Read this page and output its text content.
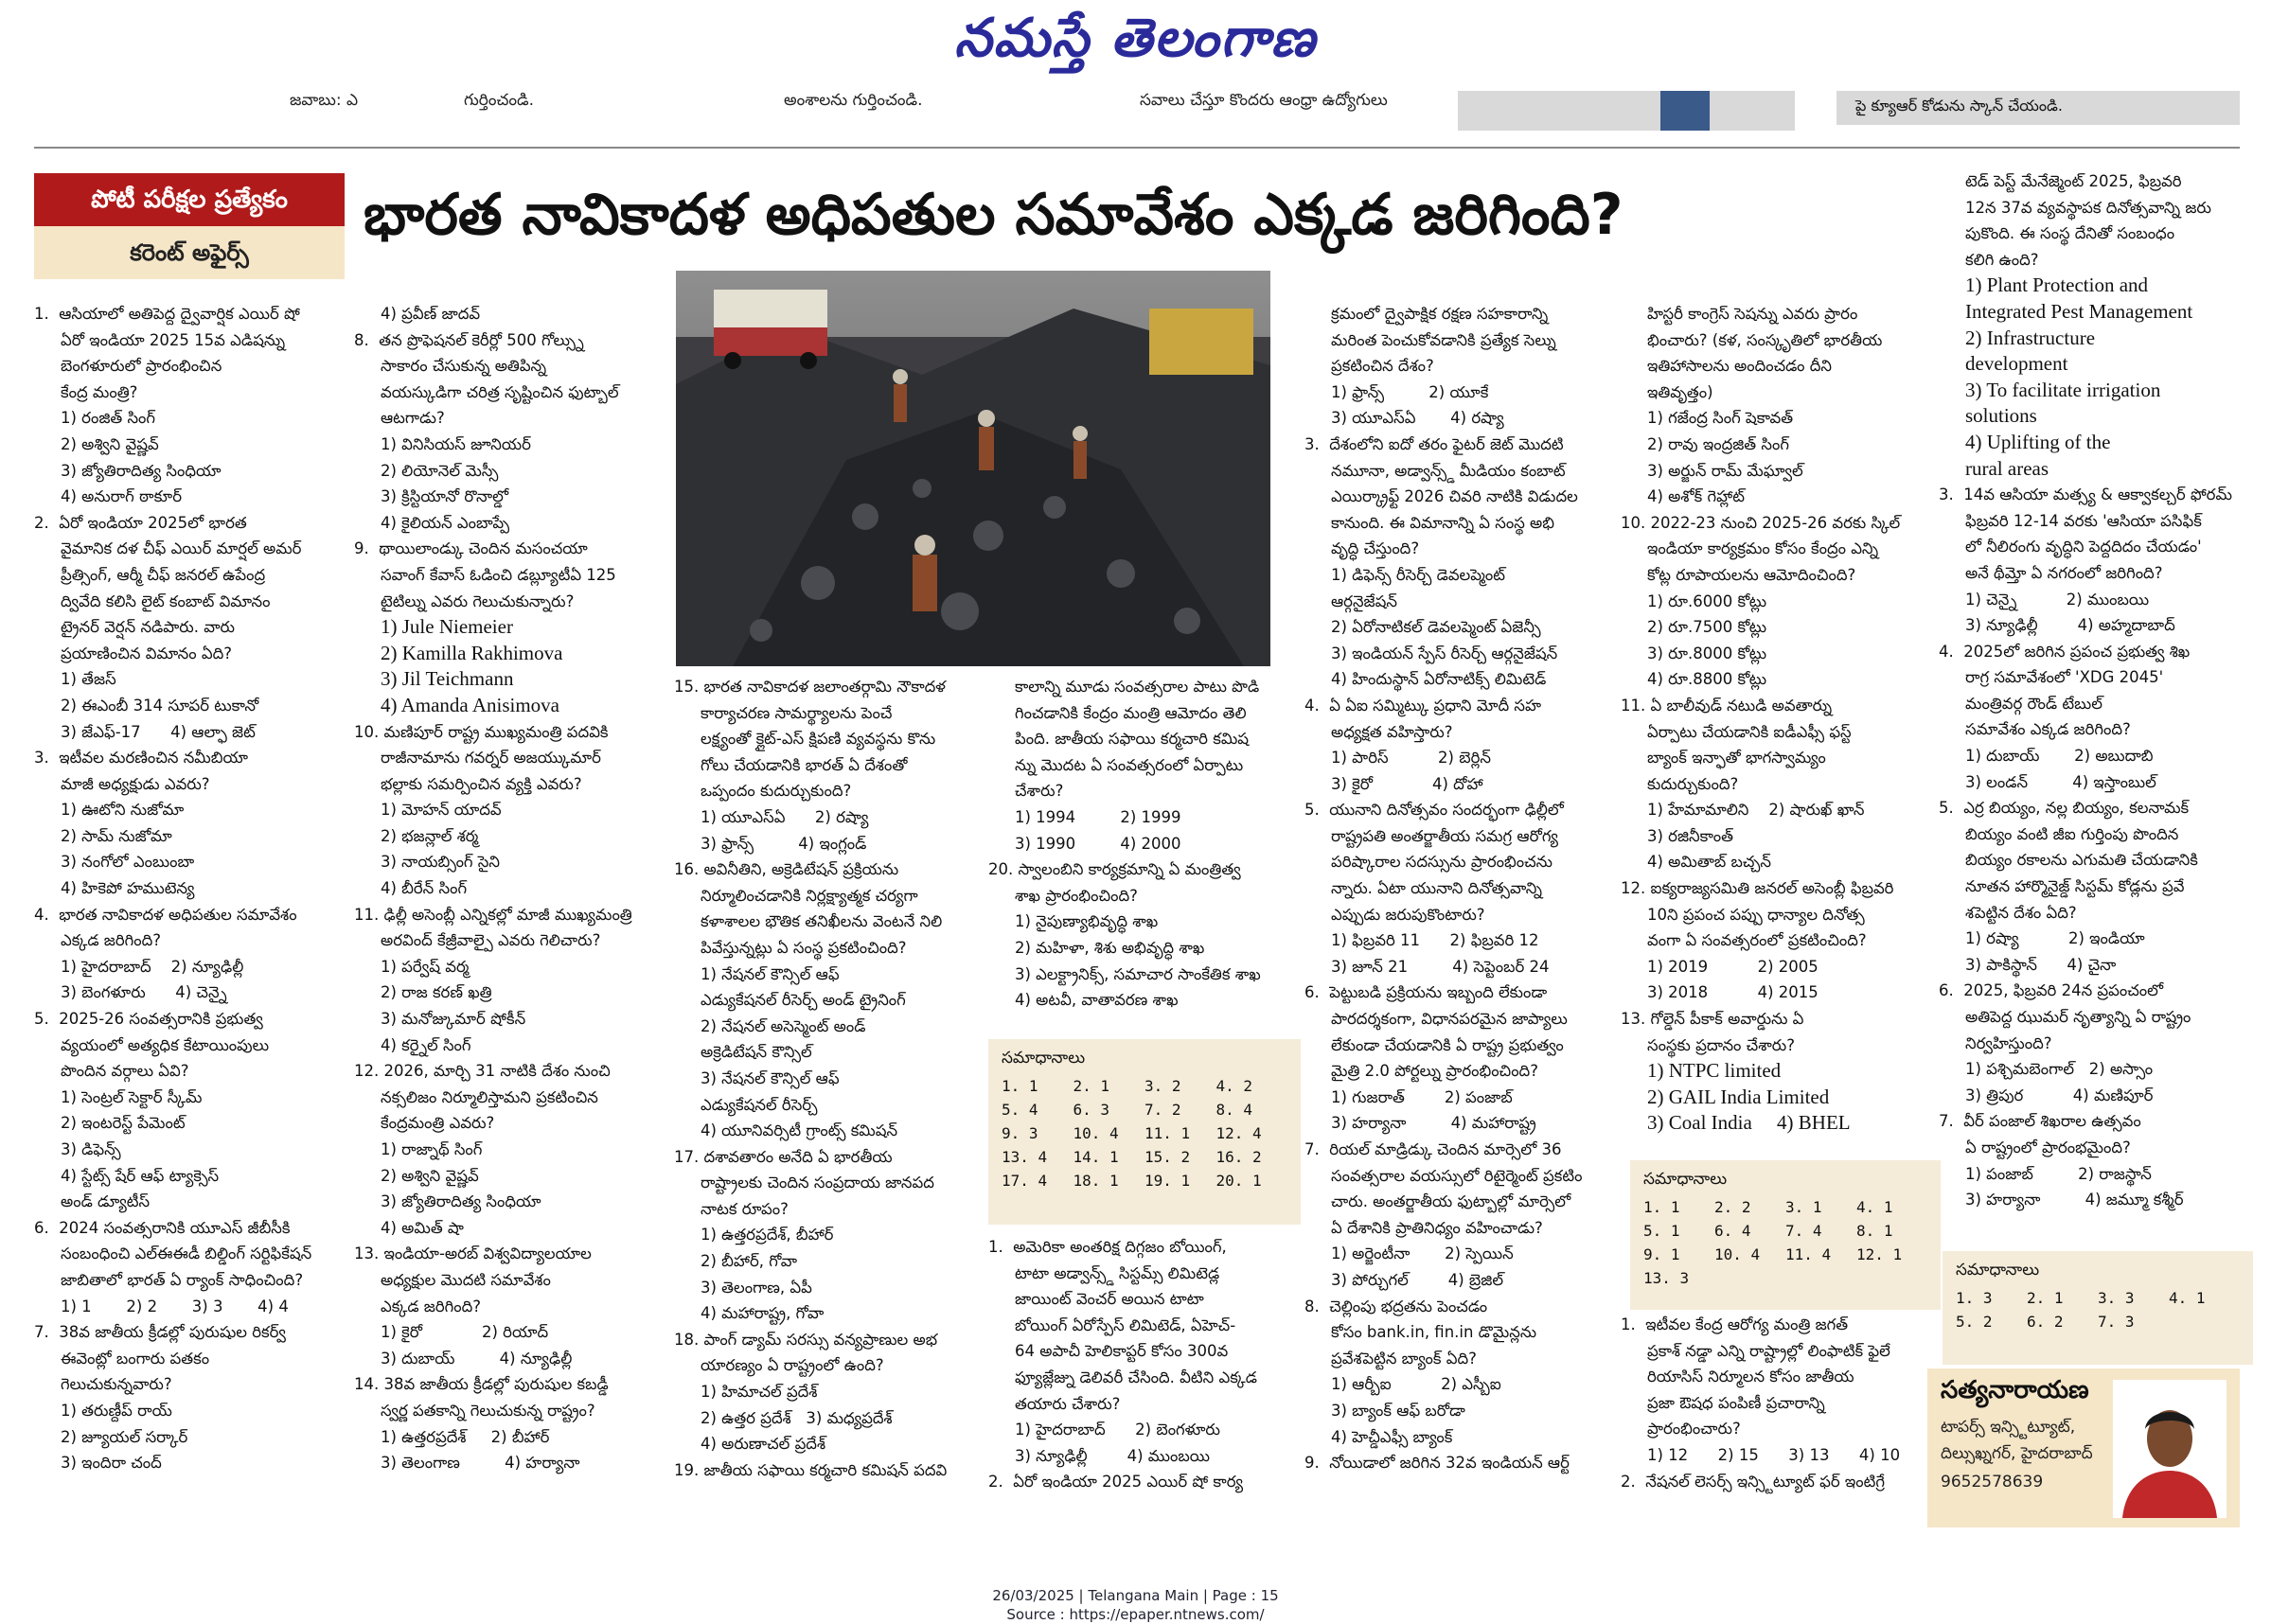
నమస్తే తెలంగాణ
జవాబు: ఎ	గుర్తించండి.	అంశాలను గుర్తించండి.	సవాలు చేస్తూ కొందరు ఆంధ్రా ఉద్యోగులు	పై క్యూఆర్ కోడును స్కాన్ చేయండి.
పోటీ పరీక్షల ప్రత్యేకం
కరెంట్ అఫైర్స్
భారత నావికాదళ అధిపతుల సమావేశం ఎక్కడ జరిగింది?

1.  ఆసియాలో అతిపెద్ద ద్వైవార్షిక ఎయిర్ షో

ఏరో ఇండియా 2025 15వ ఎడిషన్ను

బెంగళూరులో ప్రారంభించిన

కేంద్ర మంత్రి?

1) రంజిత్ సింగ్

2) అశ్విని వైష్ణవ్

3) జ్యోతిరాదిత్య సింధియా

4) అనురాగ్ ఠాకూర్

2.  ఏరో ఇండియా 2025లో భారత

వైమానిక దళ చీఫ్ ఎయిర్ మార్షల్ అమర్

ప్రీత్సింగ్, ఆర్మీ చీఫ్ జనరల్ ఉపేంద్ర

ద్వివేది కలిసి లైట్ కంబాట్ విమానం

ట్రైనర్ వెర్షన్ నడిపారు. వారు

ప్రయాణించిన విమానం ఏది?

1) తేజస్

2) ఈఎంబీ 314 సూపర్ టుకానో

3) జేఎఫ్-17      4) ఆల్ఫా జెట్

3.  ఇటీవల మరణించిన నమీబియా

మాజీ అధ్యక్షుడు ఎవరు?

1) ఊటోని నుజోమా

2) సామ్ నుజోమా

3) నంగోలో ఎంబుంబా

4) హికెపో హముటెన్య

4.  భారత నావికాదళ అధిపతుల సమావేశం

ఎక్కడ జరిగింది?

1) హైదరాబాద్    2) న్యూఢిల్లీ

3) బెంగళూరు      4) చెన్నై

5.  2025-26 సంవత్సరానికి ప్రభుత్వ

వ్యయంలో అత్యధిక కేటాయింపులు

పొందిన వర్గాలు ఏవి?

1) సెంట్రల్ సెక్టార్ స్కీమ్

2) ఇంటరెస్ట్ పేమెంట్

3) డిఫెన్స్

4) స్టేట్స్ షేర్ ఆఫ్ ట్యాక్సెస్

అండ్ డ్యూటీస్

6.  2024 సంవత్సరానికి యూఎస్ జీబీసీకి

సంబంధించి ఎల్ఈఈడీ బిల్డింగ్ సర్టిఫికేషన్

జాబితాలో భారత్ ఏ ర్యాంక్ సాధించింది?

1) 1       2) 2       3) 3       4) 4

7.  38వ జాతీయ క్రీడల్లో పురుషుల రికర్వ్

ఈవెంట్లో బంగారు పతకం

గెలుచుకున్నవారు?

1) తరుణ్దీప్ రాయ్

2) జ్యూయల్ సర్కార్

3) ఇందిరా చంద్

4) ప్రవీణ్ జాదవ్

8.  తన ప్రొఫెషనల్ కెరీర్లో 500 గోల్స్ను

సాకారం చేసుకున్న అతిపిన్న

వయస్కుడిగా చరిత్ర సృష్టించిన ఫుట్బాల్

ఆటగాడు?

1) వినిసియస్ జూనియర్

2) లియోనెల్ మెస్సీ

3) క్రిస్టియానో రొనాల్డో

4) కైలియన్ ఎంబాప్పే

9.  థాయిలాండ్కు చెందిన మసంచయా

సవాంగ్ కేవాస్ ఓడించి డబ్ల్యూటీఏ 125

టైటిల్ను ఎవరు గెలుచుకున్నారు?

1) Jule Niemeier

2) Kamilla Rakhimova

3) Jil Teichmann

4) Amanda Anisimova

10. మణిపూర్ రాష్ట్ర ముఖ్యమంత్రి పదవికి

రాజీనామాను గవర్నర్ అజయ్కుమార్

భల్లాకు సమర్పించిన వ్యక్తి ఎవరు?

1) మోహన్ యాదవ్

2) భజన్లాల్ శర్మ

3) నాయబ్సింగ్ సైని

4) బీరేన్ సింగ్

11. ఢిల్లీ అసెంబ్లీ ఎన్నికల్లో మాజీ ముఖ్యమంత్రి

అరవింద్ కేజ్రీవాల్పై ఎవరు గెలిచారు?

1) పర్వేష్ వర్మ

2) రాజ కరణ్ ఖత్రి

3) మనోజ్కుమార్ షోకీన్

4) కర్నైల్ సింగ్

12. 2026, మార్చి 31 నాటికి దేశం నుంచి

నక్సలిజం నిర్మూలిస్తామని ప్రకటించిన

కేంద్రమంత్రి ఎవరు?

1) రాజ్నాథ్ సింగ్

2) అశ్విని వైష్ణవ్

3) జ్యోతిరాదిత్య సింధియా

4) అమిత్ షా

13. ఇండియా-అరబ్ విశ్వవిద్యాలయాల

అధ్యక్షుల మొదటి సమావేశం

ఎక్కడ జరిగింది?

1) కైరో            2) రియాద్

3) దుబాయ్         4) న్యూఢిల్లీ

14. 38వ జాతీయ క్రీడల్లో పురుషుల కబడ్డీ

స్వర్ణ పతకాన్ని గెలుచుకున్న రాష్ట్రం?

1) ఉత్తరప్రదేశ్     2) బీహార్

3) తెలంగాణ         4) హర్యానా

15. భారత నావికాదళ జలాంతర్గామి నౌకాదళ

కార్యాచరణ సామర్థ్యాలను పెంచే

లక్ష్యంతో క్లైట్-ఎస్ క్షిపణి వ్యవస్థను కొను

గోలు చేయడానికి భారత్ ఏ దేశంతో

ఒప్పందం కుదుర్చుకుంది?

1) యూఎస్ఏ      2) రష్యా

3) ఫ్రాన్స్         4) ఇంగ్లండ్

16. అవినీతిని, అక్రెడిటేషన్ ప్రక్రియను

నిర్మూలించడానికి నిర్లక్ష్యాత్మక చర్యగా

కళాశాలల భౌతిక తనిఖీలను వెంటనే నిలి

పివేస్తున్నట్లు ఏ సంస్థ ప్రకటించింది?

1) నేషనల్ కౌన్సిల్ ఆఫ్

ఎడ్యుకేషనల్ రీసెర్చ్ అండ్ ట్రైనింగ్

2) నేషనల్ అసెస్మెంట్ అండ్

అక్రెడిటేషన్ కౌన్సిల్

3) నేషనల్ కౌన్సిల్ ఆఫ్

ఎడ్యుకేషనల్ రీసెర్చ్

4) యూనివర్సిటీ గ్రాంట్స్ కమిషన్

17. దశావతారం అనేది ఏ భారతీయ

రాష్ట్రాలకు చెందిన సంప్రదాయ జానపద

నాటక రూపం?

1) ఉత్తరప్రదేశ్, బీహార్

2) బీహార్, గోవా

3) తెలంగాణ, ఏపీ

4) మహారాష్ట్ర, గోవా

18. పాంగ్ డ్యామ్ సరస్సు వన్యప్రాణుల అభ

యారణ్యం ఏ రాష్ట్రంలో ఉంది?

1) హిమాచల్ ప్రదేశ్

2) ఉత్తర ప్రదేశ్   3) మధ్యప్రదేశ్

4) అరుణాచల్ ప్రదేశ్

19. జాతీయ సఫాయి కర్మచారి కమిషన్ పదవి

కాలాన్ని మూడు సంవత్సరాల పాటు పొడి

గించడానికి కేంద్రం మంత్రి ఆమోదం తెలి

పింది. జాతీయ సఫాయి కర్మచారి కమిష

న్ను మొదట ఏ సంవత్సరంలో ఏర్పాటు

చేశారు?

1) 1994         2) 1999

3) 1990         4) 2000

20. స్వాలంబిని కార్యక్రమాన్ని ఏ మంత్రిత్వ

శాఖ ప్రారంభించింది?

1) నైపుణ్యాభివృద్ధి శాఖ

2) మహిళా, శిశు అభివృద్ధి శాఖ

3) ఎలక్ట్రానిక్స్, సమాచార సాంకేతిక శాఖ

4) అటవీ, వాతావరణ శాఖ

సమాధానాలు
1. 1	2. 1	3. 2	4. 2
5. 4	6. 3	7. 2	8. 4
9. 3	10. 4	11. 1	12. 4
13. 4	14. 1	15. 2	16. 2
17. 4	18. 1	19. 1	20. 1

1.  అమెరికా అంతరిక్ష దిగ్గజం బోయింగ్,

టాటా అడ్వాన్స్డ్ సిస్టమ్స్ లిమిటెడ్ల

జాయింట్ వెంచర్ అయిన టాటా

బోయింగ్ ఏరోస్పేస్ లిమిటెడ్, ఏహెచ్-

64 అపాచీ హెలికాప్టర్ కోసం 300వ

ఫ్యూజ్లేజ్ను డెలివరీ చేసింది. వీటిని ఎక్కడ

తయారు చేశారు?

1) హైదరాబాద్      2) బెంగళూరు

3) న్యూఢిల్లీ        4) ముంబయి

2.  ఏరో ఇండియా 2025 ఎయిర్ షో కార్య

క్రమంలో ద్వైపాక్షిక రక్షణ సహకారాన్ని

మరింత పెంచుకోవడానికి ప్రత్యేక సెల్ను

ప్రకటించిన దేశం?

1) ఫ్రాన్స్         2) యూకే

3) యూఎస్ఏ       4) రష్యా

3.  దేశంలోని ఐదో తరం ఫైటర్ జెట్ మొదటి

నమూనా, అడ్వాన్స్డ్ మీడియం కంబాట్

ఎయిర్క్రాఫ్ట్ 2026 చివరి నాటికి విడుదల

కానుంది. ఈ విమానాన్ని ఏ సంస్థ అభి

వృద్ధి చేస్తుంది?

1) డిఫెన్స్ రీసెర్చ్ డెవలప్మెంట్

ఆర్గనైజేషన్

2) ఏరోనాటికల్ డెవలప్మెంట్ ఏజెన్సీ

3) ఇండియన్ స్పేస్ రీసెర్చ్ ఆర్గనైజేషన్

4) హిందుస్థాన్ ఏరోనాటిక్స్ లిమిటెడ్

4.  ఏ ఏఐ సమ్మిట్కు ప్రధాని మోదీ సహ

అధ్యక్షత వహిస్తారు?

1) పారిస్          2) బెర్లిన్

3) కైరో            4) దోహా

5.  యునాని దినోత్సవం సందర్భంగా ఢిల్లీలో

రాష్ట్రపతి అంతర్జాతీయ సమగ్ర ఆరోగ్య

పరిష్కారాల సదస్సును ప్రారంభించను

న్నారు. ఏటా యునాని దినోత్సవాన్ని

ఎప్పుడు జరుపుకొంటారు?

1) ఫిబ్రవరి 11      2) ఫిబ్రవరి 12

3) జూన్ 21         4) సెప్టెంబర్ 24

6.  పెట్టుబడి ప్రక్రియను ఇబ్బంది లేకుండా

పారదర్శకంగా, విధానపరమైన జాప్యాలు

లేకుండా చేయడానికి ఏ రాష్ట్ర ప్రభుత్వం

మైత్రి 2.0 పోర్టల్ను ప్రారంభించింది?

1) గుజరాత్        2) పంజాబ్

3) హర్యానా         4) మహారాష్ట్ర

7.  రియల్ మాడ్రిడ్కు చెందిన మార్సెలో 36

సంవత్సరాల వయస్సులో రిటైర్మెంట్ ప్రకటిం

చారు. అంతర్జాతీయ ఫుట్బాల్లో మార్సెలో

ఏ దేశానికి ప్రాతినిధ్యం వహించాడు?

1) అర్జెంటీనా       2) స్పెయిన్

3) పోర్చుగల్        4) బ్రెజిల్

8.  చెల్లింపు భద్రతను పెంచడం

కోసం bank.in, fin.in డొమైన్లను

ప్రవేశపెట్టిన బ్యాంక్ ఏది?

1) ఆర్బీఐ          2) ఎస్బీఐ

3) బ్యాంక్ ఆఫ్ బరోడా

4) హెచ్డీఎఫ్సీ బ్యాంక్

9.  నోయిడాలో జరిగిన 32వ ఇండియన్ ఆర్ట్

హిస్టరీ కాంగ్రెస్ సెషన్ను ఎవరు ప్రారం

భించారు? (కళ, సంస్కృతిలో భారతీయ

ఇతిహాసాలను అందించడం దీని

ఇతివృత్తం)

1) గజేంద్ర సింగ్ షెకావత్

2) రావు ఇంద్రజిత్ సింగ్

3) అర్జున్ రామ్ మేఘ్వాల్

4) అశోక్ గెహ్లాట్

10. 2022-23 నుంచి 2025-26 వరకు స్కిల్

ఇండియా కార్యక్రమం కోసం కేంద్రం ఎన్ని

కోట్ల రూపాయలను ఆమోదించింది?

1) రూ.6000 కోట్లు

2) రూ.7500 కోట్లు

3) రూ.8000 కోట్లు

4) రూ.8800 కోట్లు

11. ఏ బాలీవుడ్ నటుడి అవతార్ను

ఏర్పాటు చేయడానికి ఐడీఎఫ్సీ ఫస్ట్

బ్యాంక్ ఇన్ఫాతో భాగస్వామ్యం

కుదుర్చుకుంది?

1) హేమామాలిని    2) షారుఖ్ ఖాన్

3) రజినీకాంత్

4) అమితాబ్ బచ్చన్

12. ఐక్యరాజ్యసమితి జనరల్ అసెంబ్లీ ఫిబ్రవరి

10ని ప్రపంచ పప్పు ధాన్యాల దినోత్స

వంగా ఏ సంవత్సరంలో ప్రకటించింది?

1) 2019          2) 2005

3) 2018          4) 2015

13. గోల్డెన్ పీకాక్ అవార్డును ఏ

సంస్థకు ప్రదానం చేశారు?

1) NTPC limited

2) GAIL India Limited

3) Coal India     4) BHEL

సమాధానాలు
1. 1	2. 2	3. 1	4. 1
5. 1	6. 4	7. 4	8. 1
9. 1	10. 4	11. 4	12. 1
13. 3

1.  ఇటీవల కేంద్ర ఆరోగ్య మంత్రి జగత్

ప్రకాశ్ నడ్డా ఎన్ని రాష్ట్రాల్లో లింఫాటిక్ ఫైలే

రియాసిస్ నిర్మూలన కోసం జాతీయ

ప్రజా ఔషధ పంపిణీ ప్రచారాన్ని

ప్రారంభించారు?

1) 12      2) 15      3) 13      4) 10

2.  నేషనల్ లెసర్స్ ఇన్స్టిట్యూట్ ఫర్ ఇంటిగ్రే

టెడ్ పెస్ట్ మేనేజ్మెంట్ 2025, ఫిబ్రవరి

12న 37వ వ్యవస్థాపక దినోత్సవాన్ని జరు

పుకొంది. ఈ సంస్థ దేనితో సంబంధం

కలిగి ఉంది?

1) Plant Protection and

Integrated Pest Management

2) Infrastructure

development

3) To facilitate irrigation

solutions

4) Uplifting of the

rural areas

3.  14వ ఆసియా మత్స్య & ఆక్వాకల్చర్ ఫోరమ్

ఫిబ్రవరి 12-14 వరకు 'ఆసియా పసిఫిక్

లో నీలిరంగు వృద్ధిని పెద్దదిదం చేయడం'

అనే థీమ్తో ఏ నగరంలో జరిగింది?

1) చెన్నై          2) ముంబయి

3) న్యూఢిల్లీ        4) అహ్మదాబాద్

4.  2025లో జరిగిన ప్రపంచ ప్రభుత్వ శిఖ

రాగ్ర సమావేశంలో 'XDG 2045'

మంత్రివర్గ రౌండ్ టేబుల్

సమావేశం ఎక్కడ జరిగింది?

1) దుబాయ్       2) అబుదాబి

3) లండన్         4) ఇస్తాంబుల్

5.  ఎర్ర బియ్యం, నల్ల బియ్యం, కలనామక్

బియ్యం వంటి జీఐ గుర్తింపు పొందిన

బియ్యం రకాలను ఎగుమతి చేయడానికి

నూతన హార్మొనైజ్డ్ సిస్టమ్ కోడ్లను ప్రవే

శపెట్టిన దేశం ఏది?

1) రష్యా          2) ఇండియా

3) పాకిస్థాన్      4) చైనా

6.  2025, ఫిబ్రవరి 24న ప్రపంచంలో

అతిపెద్ద ఝుమర్ నృత్యాన్ని ఏ రాష్ట్రం

నిర్వహిస్తుంది?

1) పశ్చిమబెంగాల్   2) అస్సాం

3) త్రిపుర          4) మణిపూర్

7.  వీర్ పంజాల్ శిఖరాల ఉత్సవం

ఏ రాష్ట్రంలో ప్రారంభమైంది?

1) పంజాబ్         2) రాజస్థాన్

3) హర్యానా         4) జమ్మూ కశ్మీర్

సమాధానాలు
1. 3	2. 1	3. 3	4. 1
5. 2	6. 2	7. 3
సత్యనారాయణ
టాపర్స్ ఇన్స్టిట్యూట్,
దిల్సుఖ్నగర్, హైదరాబాద్
9652578639
26/03/2025 | Telangana Main | Page : 15
Source : https://epaper.ntnews.com/
